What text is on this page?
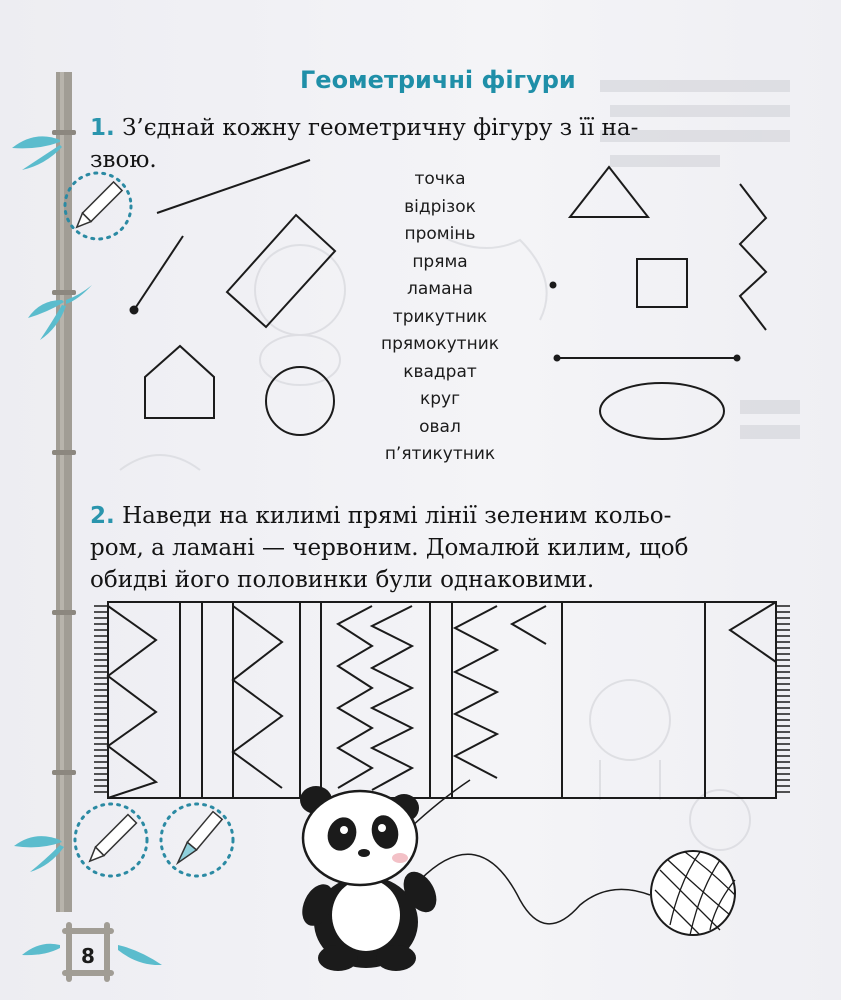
Геометричні фігури
1. З’єднай кожну геометричну фігуру з її на-
звою.
точка
відрізок
промінь
пряма
ламана
трикутник
прямокутник
квадрат
круг
овал
п’ятикутник
2. Наведи на килимі прямі лінії зеленим кольо-
ром, а ламані — червоним. Домалюй килим, щоб
обидві його половинки були однаковими.
8
